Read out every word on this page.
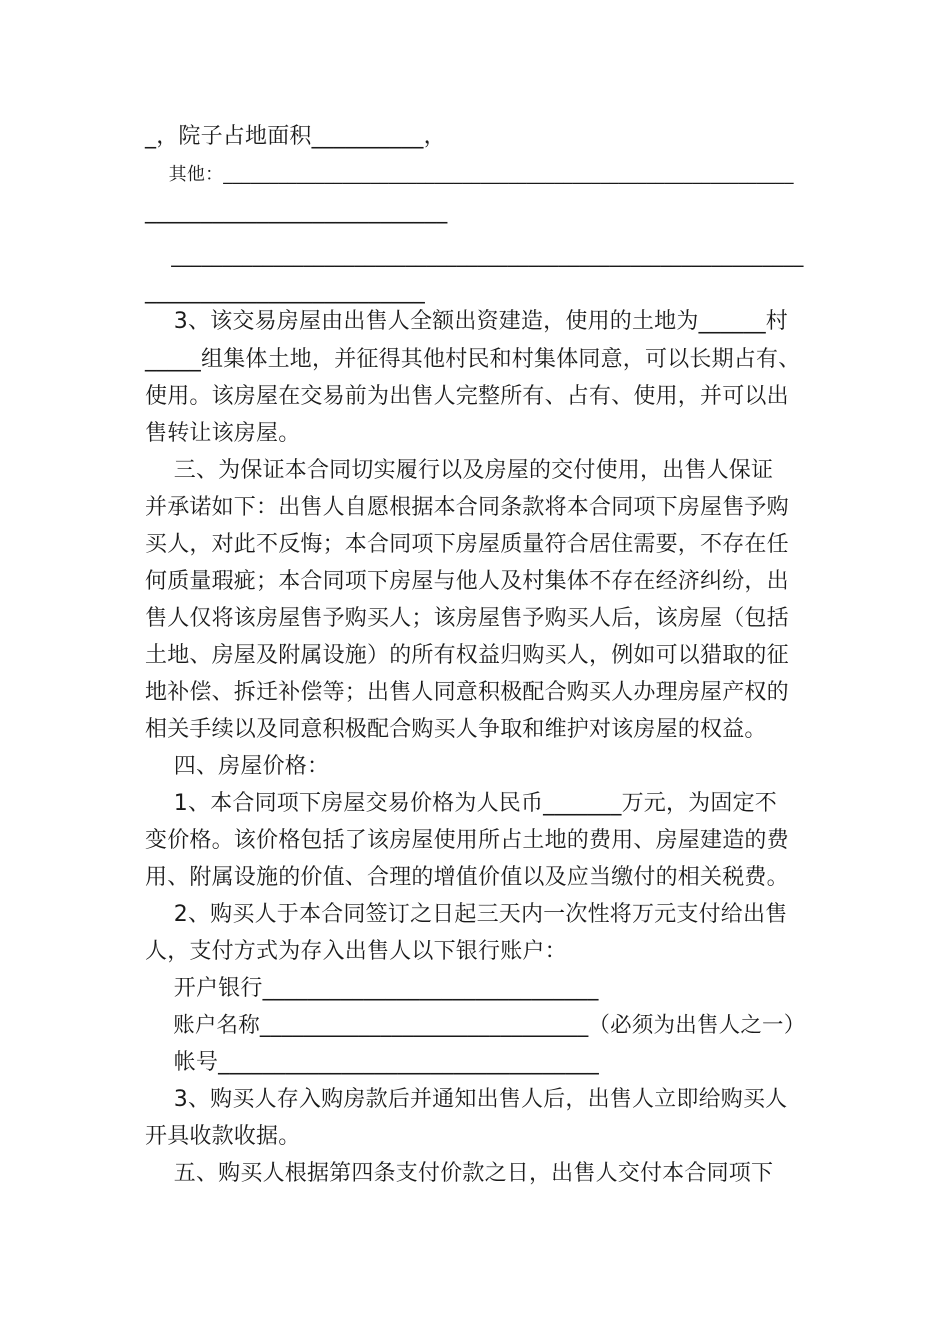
_，院子占地面积__________，
其他：______________________________________________________________
___________________________
______________________________________________________________
_________________________
3、该交易房屋由出售人全额出资建造，使用的土地为______村
_____组集体土地，并征得其他村民和村集体同意，可以长期占有、
使用。该房屋在交易前为出售人完整所有、占有、使用，并可以出
售转让该房屋。
三、为保证本合同切实履行以及房屋的交付使用，出售人保证
并承诺如下：出售人自愿根据本合同条款将本合同项下房屋售予购
买人，对此不反悔；本合同项下房屋质量符合居住需要，不存在任
何质量瑕疵；本合同项下房屋与他人及村集体不存在经济纠纷，出
售人仅将该房屋售予购买人；该房屋售予购买人后，该房屋（包括
土地、房屋及附属设施）的所有权益归购买人，例如可以猎取的征
地补偿、拆迁补偿等；出售人同意积极配合购买人办理房屋产权的
相关手续以及同意积极配合购买人争取和维护对该房屋的权益。
四、房屋价格：
1、本合同项下房屋交易价格为人民币_______万元，为固定不
变价格。该价格包括了该房屋使用所占土地的费用、房屋建造的费
用、附属设施的价值、合理的增值价值以及应当缴付的相关税费。
2、购买人于本合同签订之日起三天内一次性将万元支付给出售
人，支付方式为存入出售人以下银行账户：
开户银行______________________________
账户名称______________________________（必须为出售人之一）
帐号__________________________________
3、购买人存入购房款后并通知出售人后，出售人立即给购买人
开具收款收据。
五、购买人根据第四条支付价款之日，出售人交付本合同项下
